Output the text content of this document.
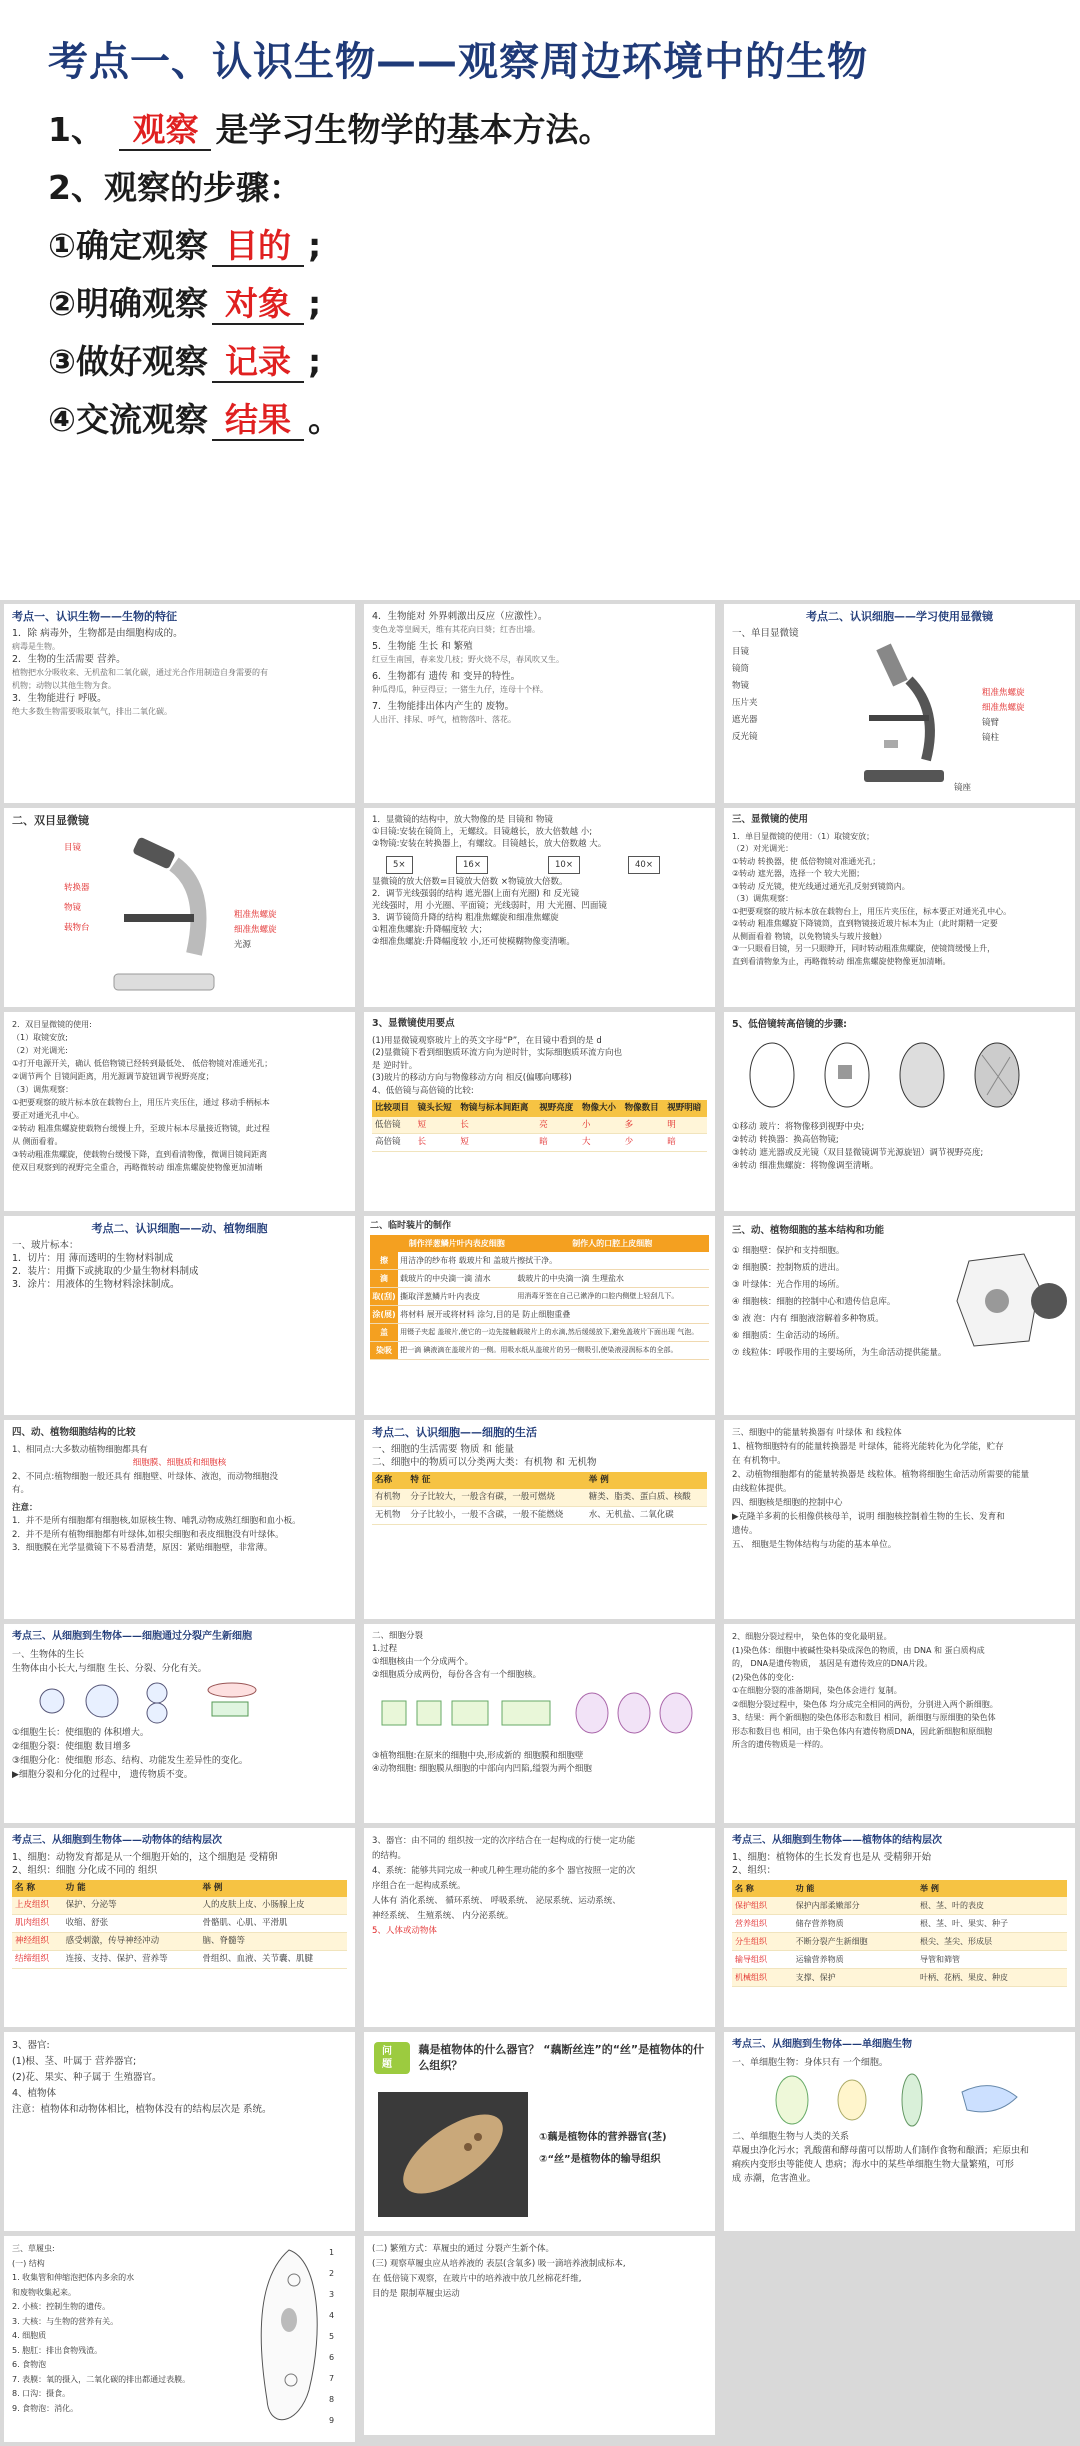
考点一、认识生物——观察周边环境中的生物
1、 观察 是学习生物学的基本方法。
2、观察的步骤：
①确定观察 目的 ;
②明确观察 对象 ;
③做好观察 记录 ;
④交流观察 结果 。
考点一、认识生物——生物的特征
1．除 病毒外，生物都是由细胞构成的。
病毒是生物。
2．生物的生活需要 营养。
植物把水分吸收来、无机盐和二氧化碳，通过光合作用制造自身需要的有
机物；动物以其他生物为食。
3．生物能进行 呼吸。
绝大多数生物需要吸取氧气，排出二氧化碳。
4．生物能对 外界刺激出反应（应激性）。
变色龙等皇阔天，维有其花向日葵；红杏出墙。
5．生物能 生长 和 繁殖
红豆生南国，春来发几枝；野火烧不尽，春风吹又生。
6．生物都有 遗传 和 变异的特性。
种瓜得瓜，种豆得豆；一猪生九仔，连母十个样。
7．生物能排出体内产生的 废物。
人出汗、排尿、呼气，植物落叶、落花。
考点二、认识细胞——学习使用显微镜
一、单目显微镜
目镜
镜筒
物镜
压片夹
遮光器
反光镜
粗准焦螺旋
细准焦螺旋
镜臂
镜柱
镜座
二、双目显微镜
目镜
转换器
物镜
载物台
粗准焦螺旋
细准焦螺旋
光源
1．显微镜的结构中，放大物像的是 目镜和 物镜
①目镜:安装在镜筒上，无螺纹。目镜越长，放大倍数越 小;
②物镜:安装在转换器上，有螺纹。目镜越长，放大倍数越 大。
5×	16×	10×	40×
显微镜的放大倍数=目镜放大倍数 ×物镜放大倍数。
2．调节光线强弱的结构 遮光器(上面有光圈) 和 反光镜
光线强时，用 小光圈、平面镜；光线弱时，用 大光圈、凹面镜
3．调节镜筒升降的结构 粗准焦螺旋和细准焦螺旋
①粗准焦螺旋:升降幅度较 大；
②细准焦螺旋:升降幅度较 小,还可使模糊物像变清晰。
三、显微镜的使用
1．单目显微镜的使用：（1）取镜安放；
（2）对光调光：
①转动 转换器，使 低倍物镜对准通光孔；
②转动 遮光器，选择一个 较大光圈；
③转动 反光镜，使光线通过通光孔反射到镜筒内。
（3）调焦观察：
①把要观察的玻片标本放在载物台上，用压片夹压住，标本要正对通光孔中心。
②转动 粗准焦螺旋下降镜筒，直到物镜接近玻片标本为止（此时期精一定要
从侧面看着 物镜，以免物镜头与玻片接触）
③一只眼看目镜，另一只眼睁开，同时转动粗准焦螺旋，使镜筒缓慢上升，
直到看清物象为止，再略微转动 细准焦螺旋使物像更加清晰。
2．双目显微镜的使用:
（1）取镜安放;
（2）对光调光:
①打开电源开关，确认 低倍物镜已经转到最低处、 低倍物镜对准通光孔；
②调节两个 目镜间距离，用光源调节旋钮调节视野亮度；
（3）调焦观察：
①把要观察的玻片标本放在载物台上，用压片夹压住，通过 移动手柄标本
要正对通光孔中心。
②转动 粗准焦螺旋使载物台缓慢上升，至玻片标本尽量接近物镜，此过程
从 侧面看着。
③转动粗准焦螺旋，使载物台缓慢下降，直到看清物像，微调目镜间距离
使双目观察到的视野完全重合，再略微转动 细准焦螺旋使物像更加清晰
3、显微镜使用要点
(1)用显微镜观察玻片上的英文字母“P”，在目镜中看到的是 d
(2)显微镜下看到细胞质环流方向为逆时针，实际细胞质环流方向也
是 逆时针。
(3)玻片的移动方向与物像移动方向 相反(偏哪向哪移)
4、低倍镜与高倍镜的比较:
比较项目	镜头长短	物镜与标本间距离	视野亮度	物像大小	物像数目	视野明暗
低倍镜	短	长	亮	小	多	明
高倍镜	长	短	暗	大	少	暗
5、低倍镜转高倍镜的步骤:
①移动 玻片：将物像移到视野中央;
②转动 转换器：换高倍物镜;
③转动 遮光器或反光镜（双目显微镜调节光源旋钮）调节视野亮度;
④转动 细准焦螺旋：将物像调至清晰。
考点二、认识细胞——动、植物细胞
一、玻片标本：
1．切片：用 薄而透明的生物材料制成
2．装片：用撕下或挑取的少量生物材料制成
3．涂片：用液体的生物材料涂抹制成。
二、临时装片的制作
	制作洋葱鳞片叶内表皮细胞	制作人的口腔上皮细胞
擦	用洁净的纱布将 载玻片和 盖玻片擦拭干净。	
滴	载玻片的中央滴一滴 清水	载玻片的中央滴一滴 生理盐水
取(刮)	撕取洋葱鳞片叶内表皮	用消毒牙签在自己已漱净的口腔内侧壁上轻刮几下。
涂(展)	将材料 展开或将材料 涂匀,目的是 防止细胞重叠	
盖	用镊子夹起 盖玻片,使它的一边先接触载玻片上的水滴,然后缓缓放下,避免盖玻片下面出现 气泡。	
染吸	把一滴 碘液滴在盖玻片的一侧。用吸水纸从盖玻片的另一侧吸引,使染液浸润标本的全部。	
三、动、植物细胞的基本结构和功能
① 细胞壁：保护和支持细胞。
② 细胞膜：控制物质的进出。
③ 叶绿体：光合作用的场所。
④ 细胞核：细胞的控制中心和遗传信息库。
⑤ 液 泡：内有 细胞液溶解着多种物质。
⑥ 细胞质：生命活动的场所。
⑦ 线粒体：呼吸作用的主要场所，为生命活动提供能量。
四、动、植物细胞结构的比较
1、相同点:大多数动植物细胞都具有
细胞膜、细胞质和细胞核
2、不同点:植物细胞一般还具有 细胞壁、叶绿体、液泡，而动物细胞没
有。
注意：
1．并不是所有细胞都有细胞核,如原核生物、哺乳动物成熟红细胞和血小板。
2．并不是所有植物细胞都有叶绿体,如根尖细胞和表皮细胞没有叶绿体。
3．细胞膜在光学显微镜下不易看清楚，原因：紧贴细胞壁，非常薄。
考点二、认识细胞——细胞的生活
一、细胞的生活需要 物质 和 能量
二、细胞中的物质可以分类两大类：有机物 和 无机物
名称	特 征	举 例
有机物	分子比较大，一般含有碳，一般可燃烧	糖类、脂类、蛋白质、核酸
无机物	分子比较小，一般不含碳，一般不能燃烧	水、无机盐、二氧化碳
三、细胞中的能量转换器有 叶绿体 和 线粒体
1、植物细胞特有的能量转换器是 叶绿体，能将光能转化为化学能，贮存
在 有机物中。
2、动植物细胞都有的能量转换器是 线粒体。植物将细胞生命活动所需要的能量
由线粒体提供。
四、细胞核是细胞的控制中心
▶克隆羊多莉的长相像供核母羊，说明 细胞核控制着生物的生长、发育和
遗传。
五、 细胞是生物体结构与功能的基本单位。
考点三、从细胞到生物体——细胞通过分裂产生新细胞
一、生物体的生长
生物体由小长大,与细胞 生长、分裂、分化有关。
①细胞生长：使细胞的 体积增大。
②细胞分裂：使细胞 数目增多
③细胞分化：使细胞 形态、结构、功能发生差异性的变化。
▶细胞分裂和分化的过程中， 遗传物质不变。
二、细胞分裂
1.过程
①细胞核由一个分成两个。
②细胞质分成两份，每份各含有一个细胞核。
③植物细胞:在原来的细胞中央,形成新的 细胞膜和细胞壁
④动物细胞: 细胞膜从细胞的中部向内凹陷,缢裂为两个细胞
2、细胞分裂过程中， 染色体的变化最明显。
(1)染色体：细胞中被碱性染料染成深色的物质，由 DNA 和 蛋白质构成
的， DNA是遗传物质， 基因是有遗传效应的DNA片段。
(2)染色体的变化:
①在细胞分裂的准备期间，染色体会进行 复制。
②细胞分裂过程中，染色体 均分成完全相同的两份，分别进入两个新细胞。
3、结果：两个新细胞的染色体形态和数目 相同，新细胞与原细胞的染色体
形态和数目也 相同，由于染色体内有遗传物质DNA，因此新细胞和原细胞
所含的遗传物质是一样的。
考点三、从细胞到生物体——动物体的结构层次
1、细胞：动物发育都是从一个细胞开始的，这个细胞是 受精卵
2、组织：细胞 分化成不同的 组织
名 称	功 能	举 例
上皮组织	保护、分泌等	人的皮肤上皮、小肠腺上皮
肌肉组织	收缩、舒张	骨骼肌、心肌、平滑肌
神经组织	感受刺激，传导神经冲动	脑、脊髓等
结缔组织	连接、支持、保护、营养等	骨组织、血液、关节囊、肌腱
3、器官：由不同的 组织按一定的次序结合在一起构成的行使一定功能
的结构。
4、系统：能够共同完成一种或几种生理功能的多个 器官按照一定的次
序组合在一起构成系统。
人体有 消化系统、 循环系统、 呼吸系统、 泌尿系统、运动系统、
神经系统、 生殖系统、 内分泌系统。
5、人体或动物体
考点三、从细胞到生物体——植物体的结构层次
1、细胞：植物体的生长发育也是从 受精卵开始
2、组织：
名 称	功 能	举 例
保护组织	保护内部柔嫩部分	根、茎、叶的表皮
营养组织	储存营养物质	根、茎、叶、果实、种子
分生组织	不断分裂产生新细胞	根尖、茎尖、形成层
输导组织	运输营养物质	导管和筛管
机械组织	支撑、保护	叶柄、花柄、果皮、种皮
3、器官:
(1)根、茎、叶属于 营养器官;
(2)花、果实、种子属于 生殖器官。
4、植物体
注意：植物体和动物体相比，植物体没有的结构层次是 系统。
问 题
藕是植物体的什么器官？ “藕断丝连”的“丝”是植物体的什么组织？
①藕是植物体的营养器官(茎)
②“丝”是植物体的输导组织
考点三、从细胞到生物体——单细胞生物
一、单细胞生物：身体只有 一个细胞。
二、单细胞生物与人类的关系
草履虫净化污水；乳酸菌和酵母菌可以帮助人们制作食物和酿酒；疟原虫和
痢疾内变形虫等能使人 患病；海水中的某些单细胞生物大量繁殖，可形
成 赤潮，危害渔业。
三、草履虫:
(一) 结构
1. 收集管和伸缩泡把体内多余的水
和废物收集起来。
2. 小核：控制生物的遗传。
3. 大核：与生物的营养有关。
4. 细胞质
5. 胞肛：排出食物残渣。
6. 食物泡
7. 表膜：氧的摄入，二氧化碳的排出都通过表膜。
8. 口沟：摄食。
9. 食物泡：消化。
1
2
3
4
5
6
7
8
9
(二) 繁殖方式：草履虫的通过 分裂产生新个体。
(三) 观察草履虫应从培养液的 表层(含氧多) 吸一滴培养液制成标本,
在 低倍镜下观察，在玻片中的培养液中放几丝棉花纤维,
目的是 限制草履虫运动
